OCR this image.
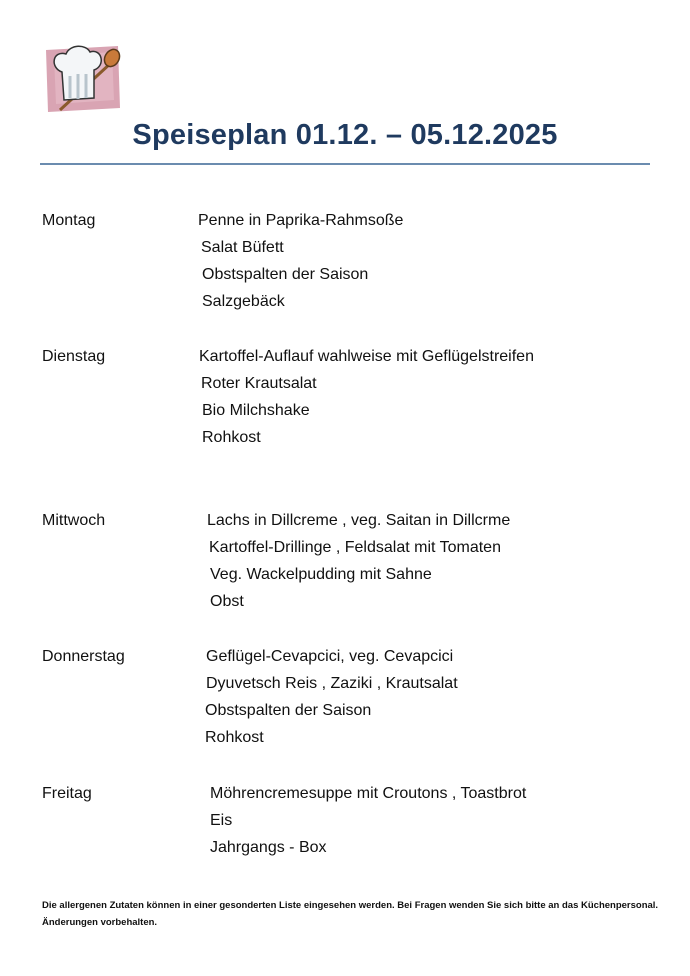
Speiseplan 01.12. – 05.12.2025
Montag	Penne in Paprika-Rahmsoße
Salat Büfett
Obstspalten der Saison
Salzgebäck
Dienstag	Kartoffel-Auflauf wahlweise mit Geflügelstreifen
Roter Krautsalat
Bio Milchshake
Rohkost
Mittwoch	Lachs in Dillcreme , veg. Saitan in Dillcrme
Kartoffel-Drillinge , Feldsalat mit Tomaten
Veg. Wackelpudding mit Sahne
Obst
Donnerstag	Geflügel-Cevapcici, veg. Cevapcici
Dyuvetsch Reis , Zaziki , Krautsalat
Obstspalten der Saison
Rohkost
Freitag	Möhrencremesuppe mit Croutons , Toastbrot
Eis
Jahrgangs - Box
Die allergenen Zutaten können in einer gesonderten Liste eingesehen werden. Bei Fragen wenden Sie sich bitte an das Küchenpersonal.
Änderungen vorbehalten.
